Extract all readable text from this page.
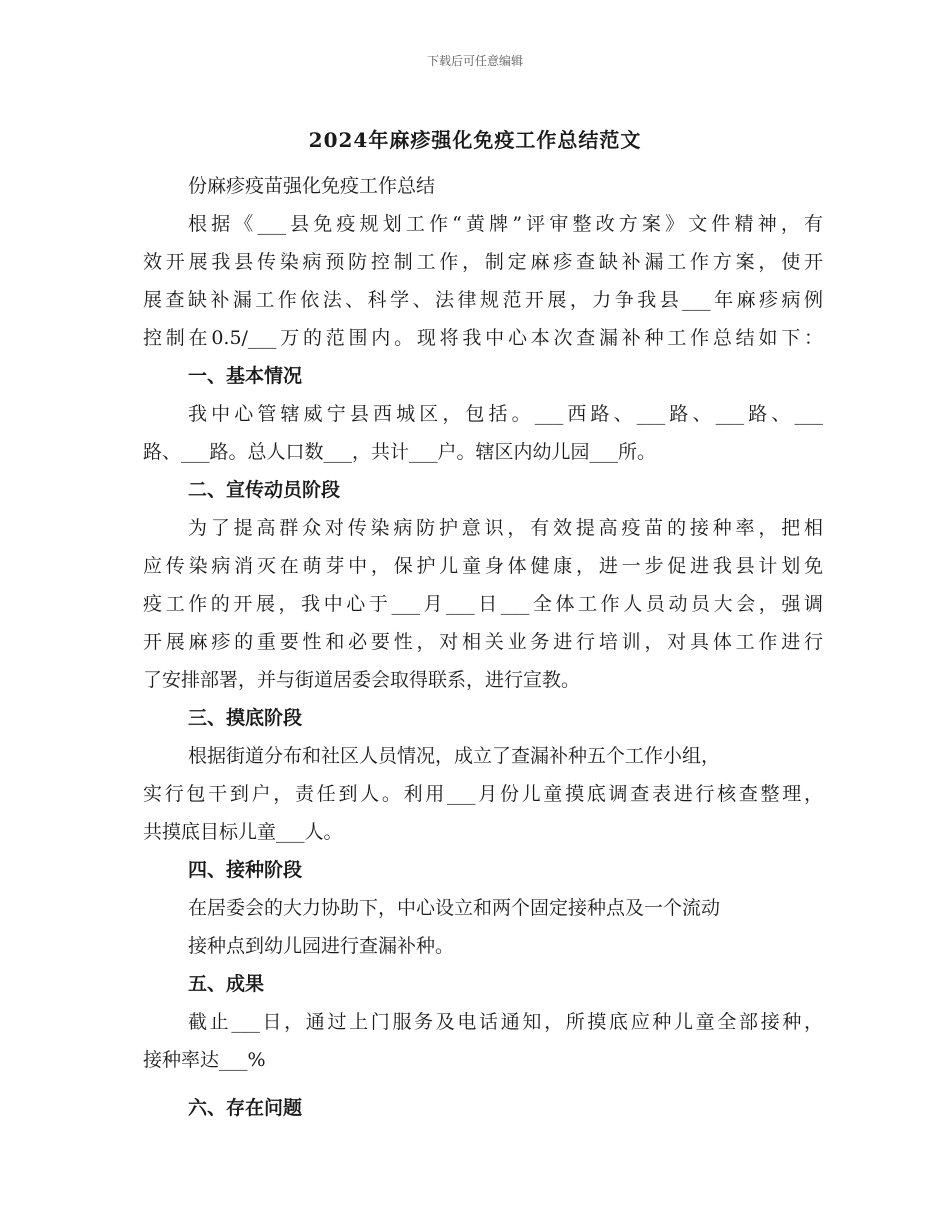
下载后可任意编辑
2024年麻疹强化免疫工作总结范文
份麻疹疫苗强化免疫工作总结
根据《___县免疫规划工作“黄牌”评审整改方案》文件精神，有
效开展我县传染病预防控制工作，制定麻疹查缺补漏工作方案，使开
展查缺补漏工作依法、科学、法律规范开展，力争我县___年麻疹病例
控制在0.5/___万的范围内。现将我中心本次查漏补种工作总结如下：
一、基本情况
我中心管辖威宁县西城区，包括。___西路、___路、___路、___
路、___路。总人口数___，共计___户。辖区内幼儿园___所。
二、宣传动员阶段
为了提高群众对传染病防护意识，有效提高疫苗的接种率，把相
应传染病消灭在萌芽中，保护儿童身体健康，进一步促进我县计划免
疫工作的开展，我中心于___月___日___全体工作人员动员大会，强调
开展麻疹的重要性和必要性，对相关业务进行培训，对具体工作进行
了安排部署，并与街道居委会取得联系，进行宣教。
三、摸底阶段
根据街道分布和社区人员情况，成立了查漏补种五个工作小组，
实行包干到户，责任到人。利用___月份儿童摸底调查表进行核查整理，
共摸底目标儿童___人。
四、接种阶段
在居委会的大力协助下，中心设立和两个固定接种点及一个流动
接种点到幼儿园进行查漏补种。
五、成果
截止___日，通过上门服务及电话通知，所摸底应种儿童全部接种，
接种率达___%
六、存在问题
